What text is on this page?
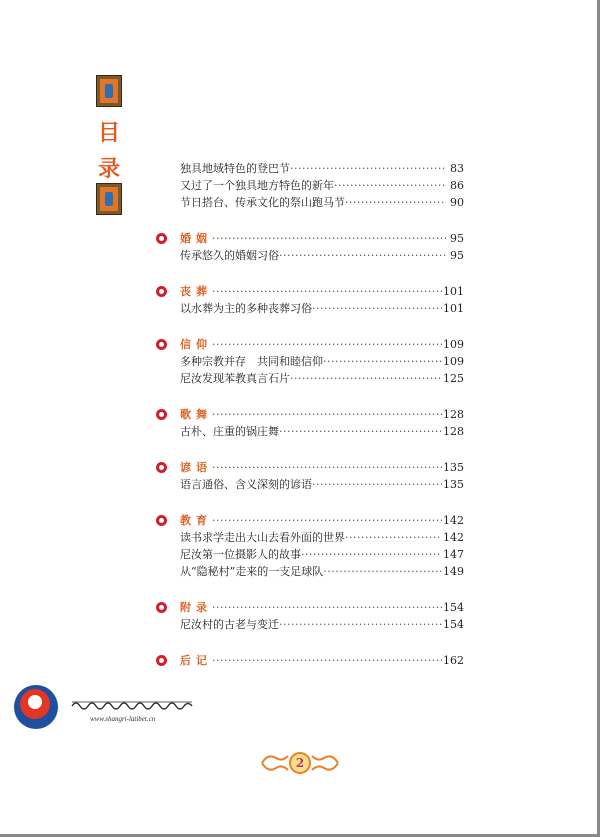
目
录	独具地域特色的登巴节 ·····	83
又过了一个独具地方特色的新年 ·····	86
节日搭台、传承文化的祭山跑马节 ·····	90
婚姻 ·····	95
传承悠久的婚姻习俗 ·····	95
丧葬 ·····	101
以水葬为主的多种丧葬习俗 ·····	101
信仰 ·····	109
多种宗教并存　共同和睦信仰 ·····	109
尼汝发现苯教真言石片 ·····	125
歌舞 ·····	128
古朴、庄重的锅庄舞 ·····	128
谚语 ·····	135
语言通俗、含义深刻的谚语 ·····	135
教育 ·····	142
读书求学走出大山去看外面的世界 ·····	142
尼汝第一位摄影人的故事 ·····	147
从“隐秘村”走来的一支足球队 ·····	149
附录 ·····	154
尼汝村的古老与变迁 ·····	154
后记 ·····	162
www.shangri-latibet.cn
2
